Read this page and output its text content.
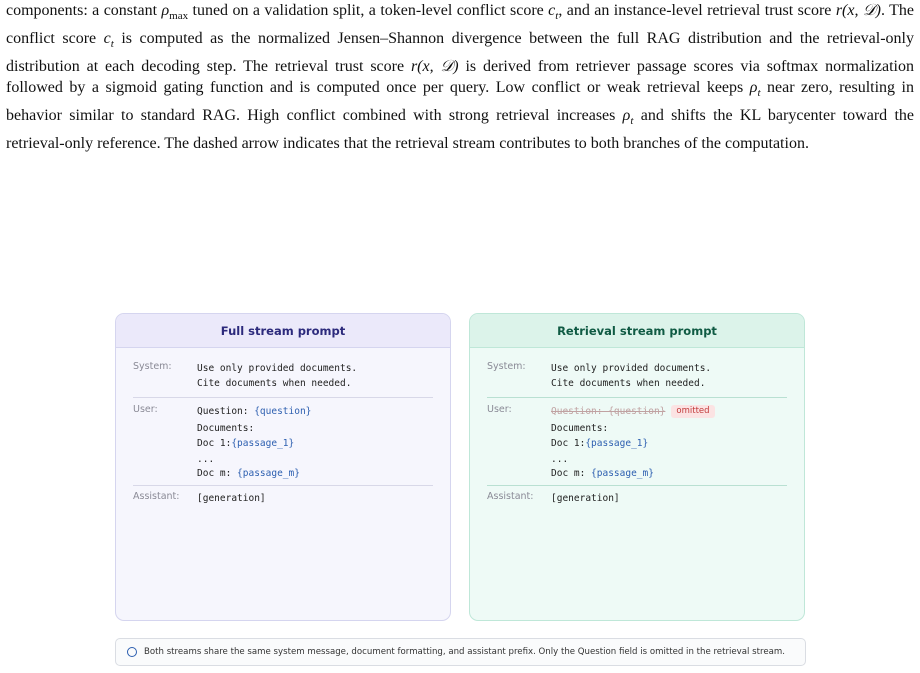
components: a constant $\rho_{max}$ tuned on a validation split, a token-level conflict score $c_t$, and an instance-level retrieval trust score r(x, 𝒟). The conflict score $c_t$ is computed as the normalized Jensen–Shannon divergence between the full RAG distribution and the retrieval-only distribution at each decoding step. The retrieval trust score r(x, 𝒟) is derived from retriever passage scores via softmax normalization followed by a sigmoid gating function and is computed once per query. Low conflict or weak retrieval keeps $\rho_t$ near zero, resulting in behavior similar to standard RAG. High conflict combined with strong retrieval increases $\rho_t$ and shifts the KL barycenter toward the retrieval-only reference. The dashed arrow indicates that the retrieval stream contributes to both branches of the computation.

Full stream prompt
System:	Use only provided documents.
Cite documents when needed.
User:	Question: {question}
Documents:
Doc 1:{passage_1}
...
Doc m: {passage_m}
Assistant: [generation]
Retrieval stream prompt
System:	Use only provided documents.
Cite documents when needed.
User:	Question: {question} omitted
Documents:
Doc 1:{passage_1}
...
Doc m: {passage_m}
Assistant: [generation]
Both streams share the same system message, document formatting, and assistant prefix. Only the Question field is omitted in the retrieval stream.
